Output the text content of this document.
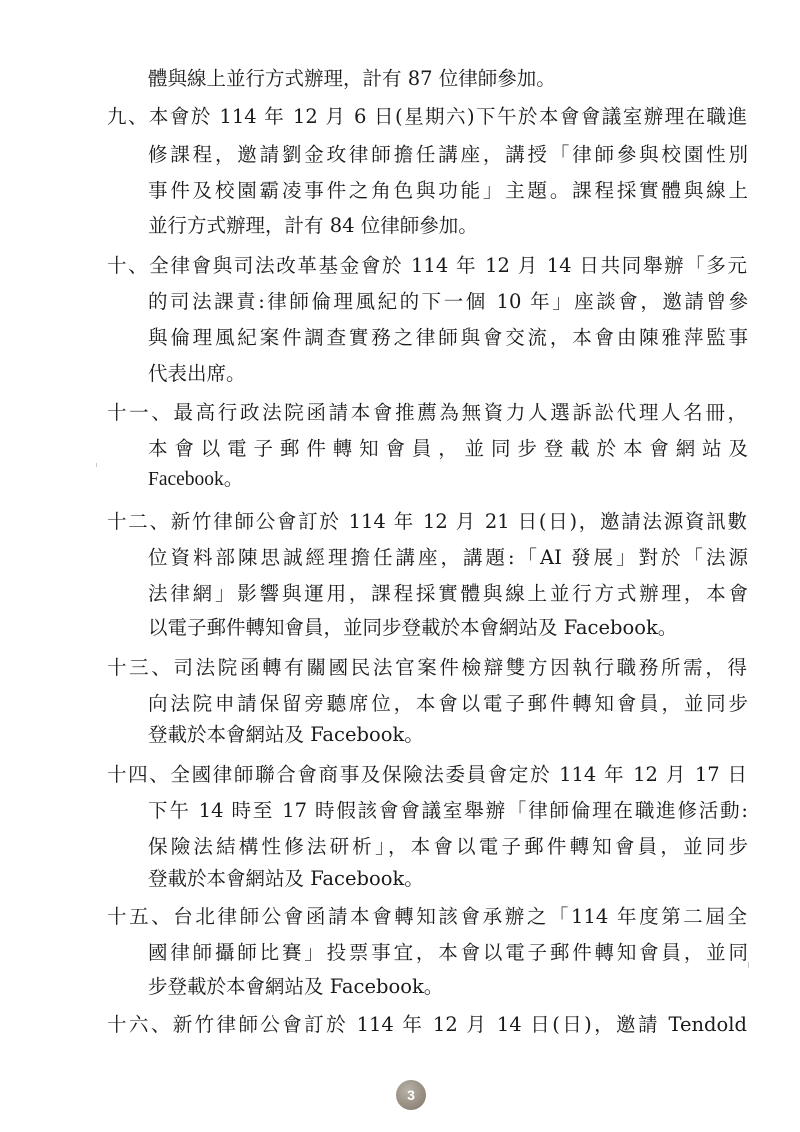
體與線上並行方式辦理，計有 87 位律師參加。
九、本會於 114 年 12 月 6 日(星期六)下午於本會會議室辦理在職進
修課程，邀請劉金玫律師擔任講座，講授「律師參與校園性別
事件及校園霸凌事件之角色與功能」主題。課程採實體與線上
並行方式辦理，計有 84 位律師參加。
十、全律會與司法改革基金會於 114 年 12 月 14 日共同舉辦「多元
的司法課責:律師倫理風紀的下一個 10 年」座談會，邀請曾參
與倫理風紀案件調查實務之律師與會交流，本會由陳雅萍監事
代表出席。
十一、最高行政法院函請本會推薦為無資力人選訴訟代理人名冊，
本會以電子郵件轉知會員，並同步登載於本會網站及
Facebook。
十二、新竹律師公會訂於 114 年 12 月 21 日(日)，邀請法源資訊數
位資料部陳思誠經理擔任講座，講題:「AI 發展」對於「法源
法律網」影響與運用，課程採實體與線上並行方式辦理，本會
以電子郵件轉知會員，並同步登載於本會網站及 Facebook。
十三、司法院函轉有關國民法官案件檢辯雙方因執行職務所需，得
向法院申請保留旁聽席位，本會以電子郵件轉知會員，並同步
登載於本會網站及 Facebook。
十四、全國律師聯合會商事及保險法委員會定於 114 年 12 月 17 日
下午 14 時至 17 時假該會會議室舉辦「律師倫理在職進修活動:
保險法結構性修法研析」，本會以電子郵件轉知會員，並同步
登載於本會網站及 Facebook。
十五、台北律師公會函請本會轉知該會承辦之「114 年度第二屆全
國律師攝師比賽」投票事宜，本會以電子郵件轉知會員，並同
步登載於本會網站及 Facebook。
十六、新竹律師公會訂於 114 年 12 月 14 日(日)，邀請 Tendold
3
